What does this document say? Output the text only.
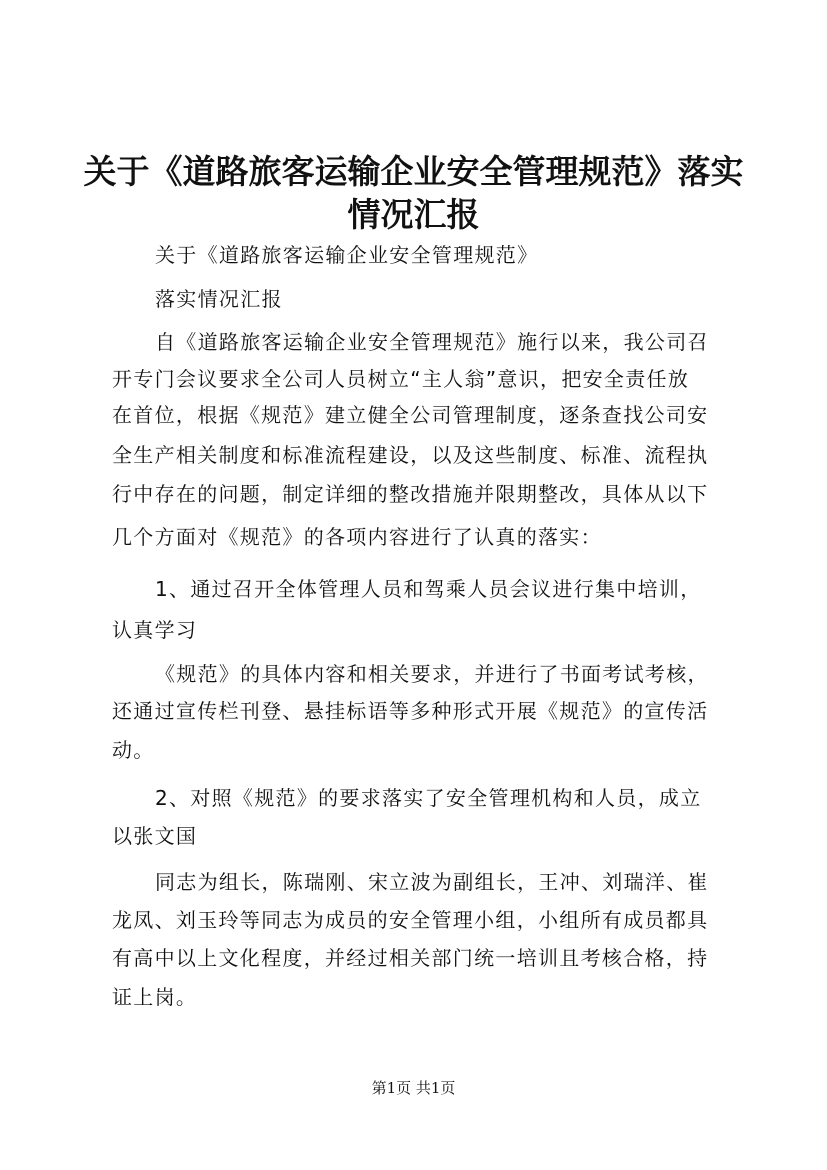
关于《道路旅客运输企业安全管理规范》落实
情况汇报

关于《道路旅客运输企业安全管理规范》

落实情况汇报

自《道路旅客运输企业安全管理规范》施行以来，我公司召

开专门会议要求全公司人员树立“主人翁”意识，把安全责任放

在首位，根据《规范》建立健全公司管理制度，逐条查找公司安

全生产相关制度和标准流程建设，以及这些制度、标准、流程执

行中存在的问题，制定详细的整改措施并限期整改，具体从以下

几个方面对《规范》的各项内容进行了认真的落实：

1、通过召开全体管理人员和驾乘人员会议进行集中培训，

认真学习

《规范》的具体内容和相关要求，并进行了书面考试考核，

还通过宣传栏刊登、悬挂标语等多种形式开展《规范》的宣传活

动。

2、对照《规范》的要求落实了安全管理机构和人员，成立

以张文国

同志为组长，陈瑞刚、宋立波为副组长，王冲、刘瑞洋、崔

龙凤、刘玉玲等同志为成员的安全管理小组，小组所有成员都具

有高中以上文化程度，并经过相关部门统一培训且考核合格，持

证上岗。

第1页 共1页
